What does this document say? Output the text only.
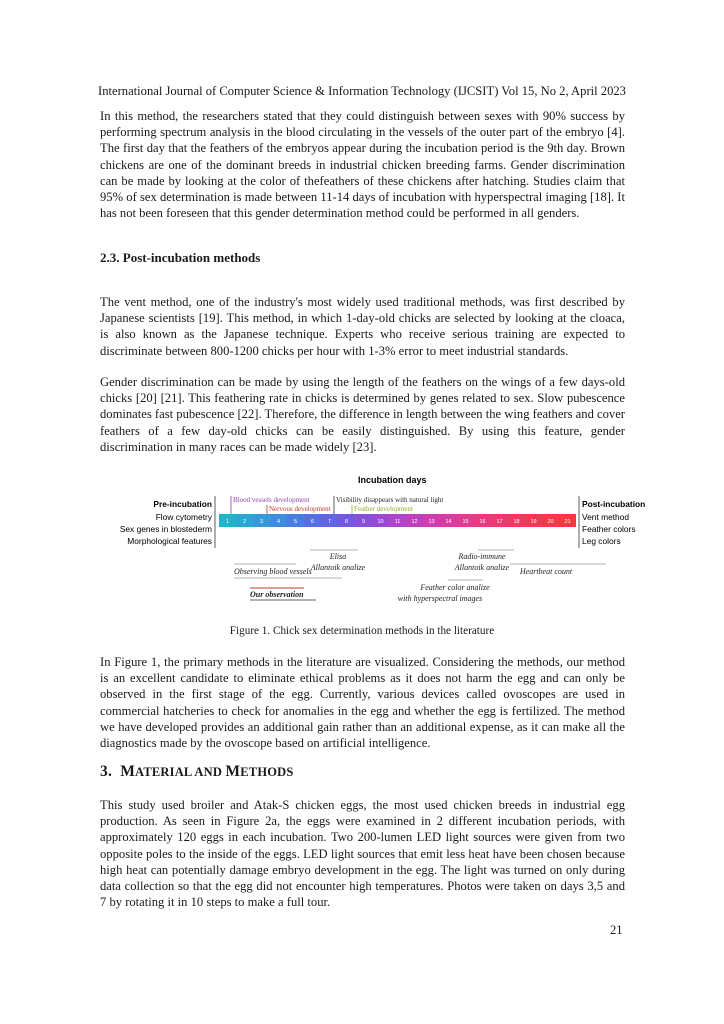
International Journal of Computer Science & Information Technology (IJCSIT) Vol 15, No 2, April 2023

In this method, the researchers stated that they could distinguish between sexes with 90% success by performing spectrum analysis in the blood circulating in the vessels of the outer part of the embryo [4]. The first day that the feathers of the embryos appear during the incubation period is the 9th day. Brown chickens are one of the dominant breeds in industrial chicken breeding farms. Gender discrimination can be made by looking at the color of thefeathers of these chickens after hatching. Studies claim that 95% of sex determination is made between 11-14 days of incubation with hyperspectral imaging [18]. It has not been foreseen that this gender determination method could be performed in all genders.

2.3. Post-incubation methods

The vent method, one of the industry's most widely used traditional methods, was first described by Japanese scientists [19]. This method, in which 1-day-old chicks are selected by looking at the cloaca, is also known as the Japanese technique. Experts who receive serious training are expected to discriminate between 800-1200 chicks per hour with 1-3% error to meet industrial standards.

Gender discrimination can be made by using the length of the feathers on the wings of a few days-old chicks [20] [21]. This feathering rate in chicks is determined by genes related to sex. Slow pubescence dominates fast pubescence [22]. Therefore, the difference in length between the wing feathers and cover feathers of a few day-old chicks can be easily distinguished. By using this feature, gender discrimination in many races can be made widely [23].

Incubation days
Pre-incubation
Flow cytometry
Sex genes in blostederm
Morphological features
Post-incubation
Vent method
Feather colors
Leg colors
Blood vessels development	Visibility disappears with natural light
Nervous development	Feather development
1	2	3	4	5	6	7	8	9 10 11 12 13 14 15 16 17 18 19 20 21
Elisa
Allantoik analize
Radio-immune
Allantoik analize
Observing blood vessels	Heartbeat count
Our observation
Feather color analize
with hyperspectral images
Figure 1. Chick sex determination methods in the literature

In Figure 1, the primary methods in the literature are visualized. Considering the methods, our method is an excellent candidate to eliminate ethical problems as it does not harm the egg and can only be observed in the first stage of the egg. Currently, various devices called ovoscopes are used in commercial hatcheries to check for anomalies in the egg and whether the egg is fertilized. The method we have developed provides an additional gain rather than an additional expense, as it can make all the diagnostics made by the ovoscope based on artificial intelligence.

3. MATERIAL AND METHODS

This study used broiler and Atak-S chicken eggs, the most used chicken breeds in industrial egg production. As seen in Figure 2a, the eggs were examined in 2 different incubation periods, with approximately 120 eggs in each incubation. Two 200-lumen LED light sources were given from two opposite poles to the inside of the eggs. LED light sources that emit less heat have been chosen because high heat can potentially damage embryo development in the egg. The light was turned on only during data collection so that the egg did not encounter high temperatures. Photos were taken on days 3,5 and 7 by rotating it in 10 steps to make a full tour.

21
